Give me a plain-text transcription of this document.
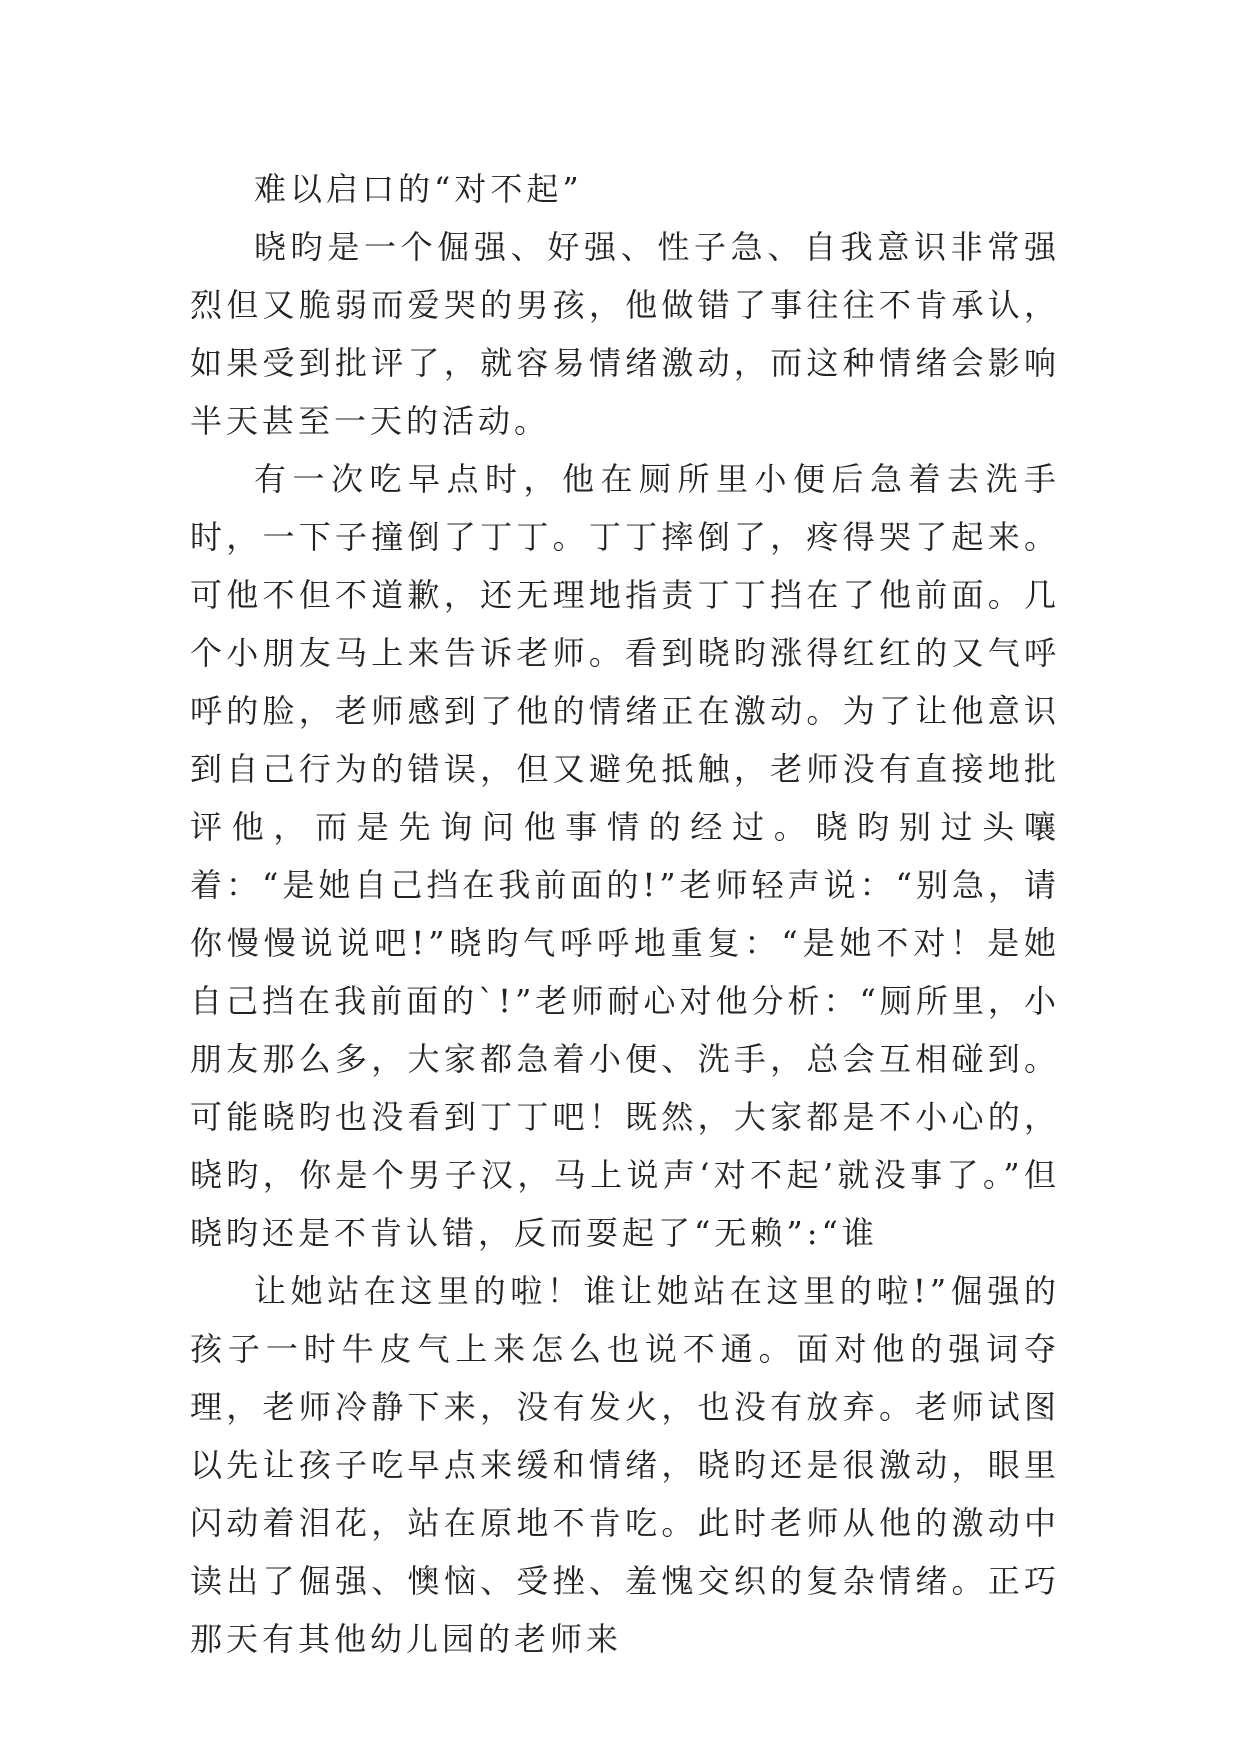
难以启口的“对不起”

晓昀是一个倔强、好强、性子急、自我意识非常强烈但又脆弱而爱哭的男孩，他做错了事往往不肯承认，如果受到批评了，就容易情绪激动，而这种情绪会影响半天甚至一天的活动。

有一次吃早点时，他在厕所里小便后急着去洗手时，一下子撞倒了丁丁。丁丁摔倒了，疼得哭了起来。可他不但不道歉，还无理地指责丁丁挡在了他前面。几个小朋友马上来告诉老师。看到晓昀涨得红红的又气呼呼的脸，老师感到了他的情绪正在激动。为了让他意识到自己行为的错误，但又避免抵触，老师没有直接地批评他，而是先询问他事情的经过。晓昀别过头嚷着：“是她自己挡在我前面的!”老师轻声说：“别急，请你慢慢说说吧!”晓昀气呼呼地重复：“是她不对！是她自己挡在我前面的`!”老师耐心对他分析：“厕所里，小朋友那么多，大家都急着小便、洗手，总会互相碰到。可能晓昀也没看到丁丁吧！既然，大家都是不小心的，晓昀，你是个男子汉，马上说声‘对不起’就没事了。”但晓昀还是不肯认错，反而耍起了“无赖”:“谁

让她站在这里的啦！谁让她站在这里的啦!”倔强的孩子一时牛皮气上来怎么也说不通。面对他的强词夺理，老师冷静下来，没有发火，也没有放弃。老师试图以先让孩子吃早点来缓和情绪，晓昀还是很激动，眼里闪动着泪花，站在原地不肯吃。此时老师从他的激动中读出了倔强、懊恼、受挫、羞愧交织的复杂情绪。正巧那天有其他幼儿园的老师来
